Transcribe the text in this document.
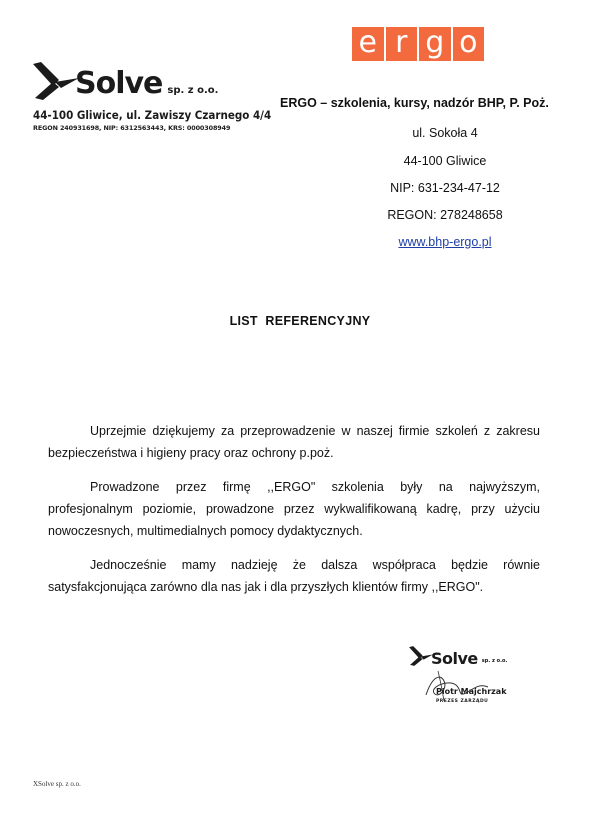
e r g o
Solve sp. z o.o.
44-100 Gliwice, ul. Zawiszy Czarnego 4/4
REGON 240931698, NIP: 6312563443, KRS: 0000308949
ERGO – szkolenia, kursy, nadzór BHP, P. Poż.
ul. Sokoła 4
44-100 Gliwice
NIP: 631-234-47-12
REGON: 278248658
www.bhp-ergo.pl
LIST  REFERENCYJNY

Uprzejmie dziękujemy za przeprowadzenie w naszej firmie szkoleń z zakresu
bezpieczeństwa i higieny pracy oraz ochrony p.poż.

Prowadzone przez firmę ,,ERGO" szkolenia były na najwyższym,
profesjonalnym poziomie, prowadzone przez wykwalifikowaną kadrę, przy użyciu
nowoczesnych, multimedialnych pomocy dydaktycznych.

Jednocześnie mamy nadzieję że dalsza współpraca będzie równie
satysfakcjonująca zarówno dla nas jak i dla przyszłych klientów firmy ,,ERGO".

Solve sp. z o.o.
Piotr Majchrzak
PREZES ZARZĄDU
XSolve sp. z o.o.
